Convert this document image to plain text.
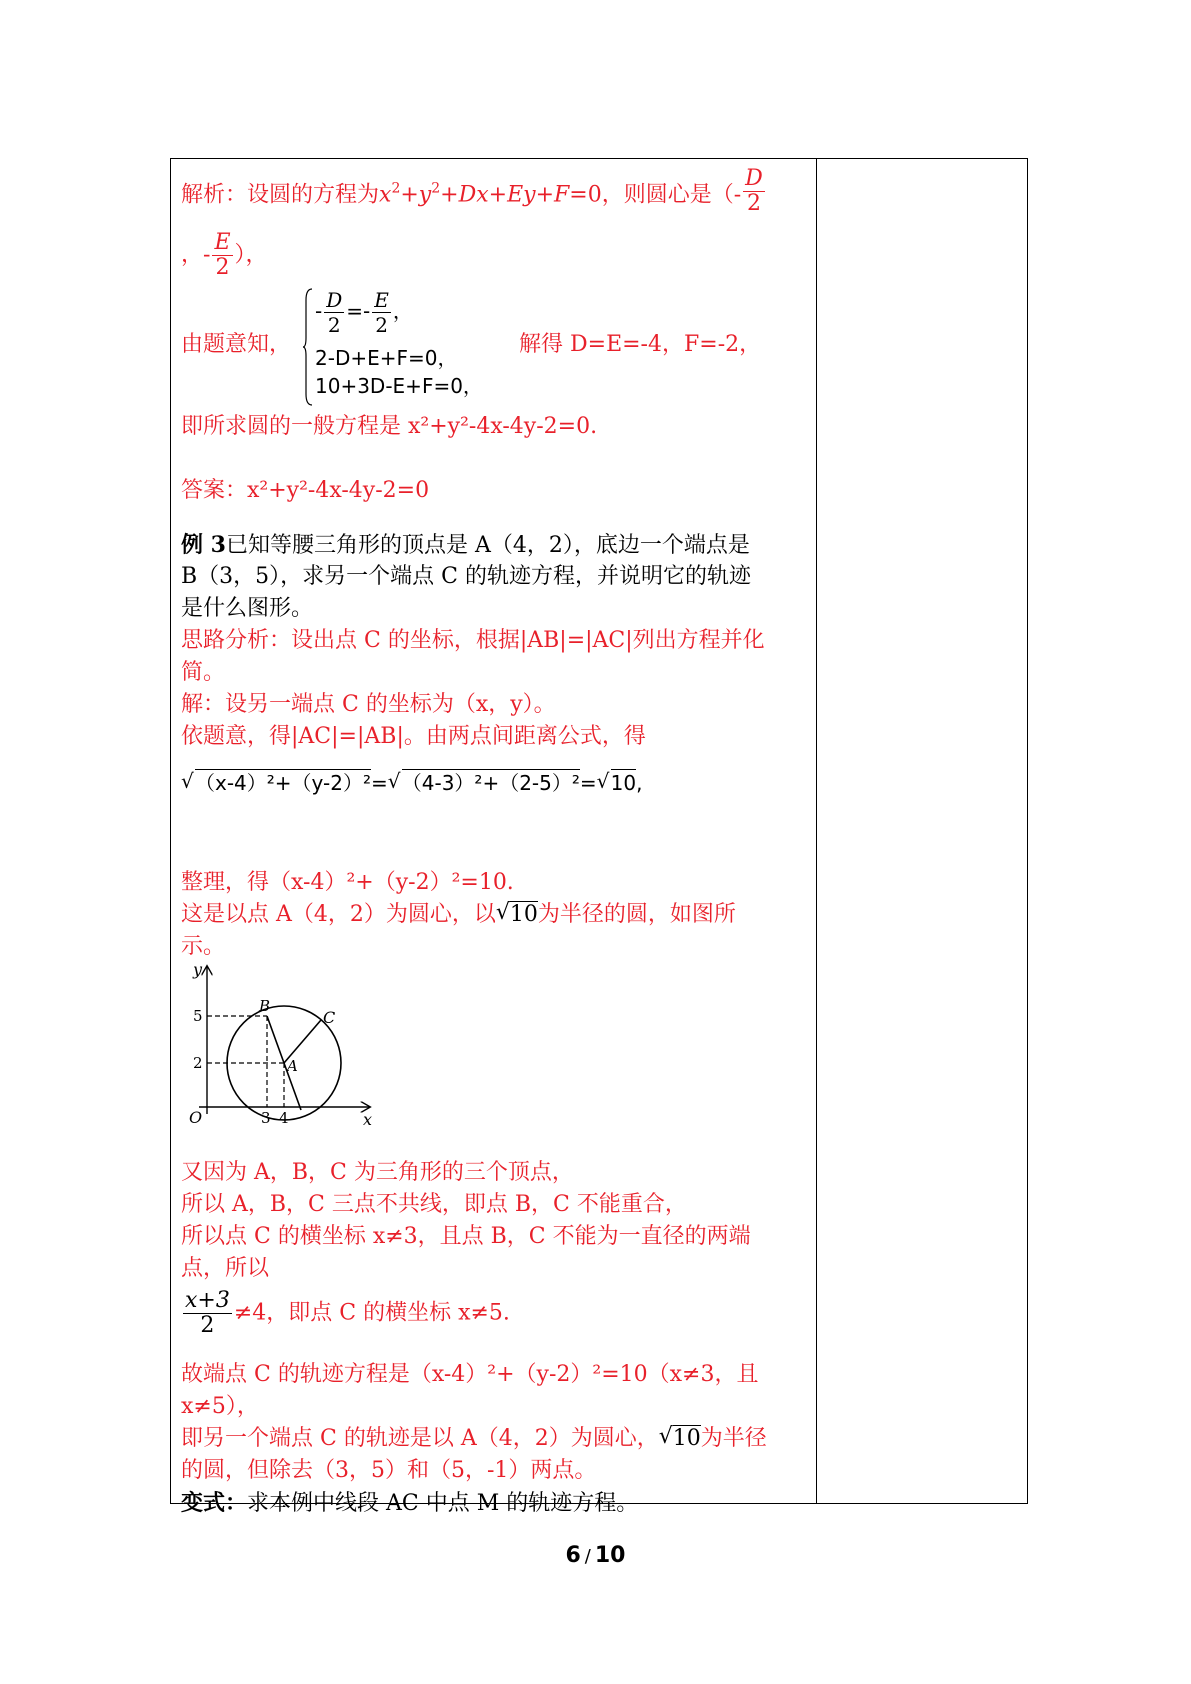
解析：设圆的方程为$x^2+y^2+Dx+Ey+F=0$，则圆心是（- $\frac{D}{2}$
，- $\frac{E}{2}$ ），
由题意知，
- $\frac{D}{2} =- \frac{E}{2}$ ，
2-D+E+F=0，
10+3D-E+F=0，
解得 D=E=-4，F=-2，
即所求圆的一般方程是 x²+y²-4x-4y-2=0.
答案：x²+y²-4x-4y-2=0
例 3已知等腰三角形的顶点是 A（4，2），底边一个端点是
B（3，5），求另一个端点 C 的轨迹方程，并说明它的轨迹
是什么图形。
思路分析：设出点 C 的坐标，根据|AB|=|AC|列出方程并化
简。
解：设另一端点 C 的坐标为（x，y）。
依题意，得|AC|=|AB|。由两点间距离公式，得
√ （x-4）²+（y-2）²= √ （4-3）²+（2-5）²= √ 10,
整理，得（x-4）²+（y-2）²=10.
这是以点 A（4，2）为圆心，以 √ 10为半径的圆，如图所
示。
y
x
O
5
2
3 4
A
B
C
又因为 A，B，C 为三角形的三个顶点，
所以 A，B，C 三点不共线，即点 B，C 不能重合，
所以点 C 的横坐标 x≠3，且点 B，C 不能为一直径的两端
点，所以
$\frac{x+3}{2} \ne 4$，即点 C 的横坐标 x≠5.
故端点 C 的轨迹方程是（x-4）²+（y-2）²=10（x≠3，且
x≠5），
即另一个端点 C 的轨迹是以 A（4，2）为圆心， √ 10为半径
的圆，但除去（3，5）和（5，-1）两点。
变式：求本例中线段 AC 中点 M 的轨迹方程。
6 / 10
